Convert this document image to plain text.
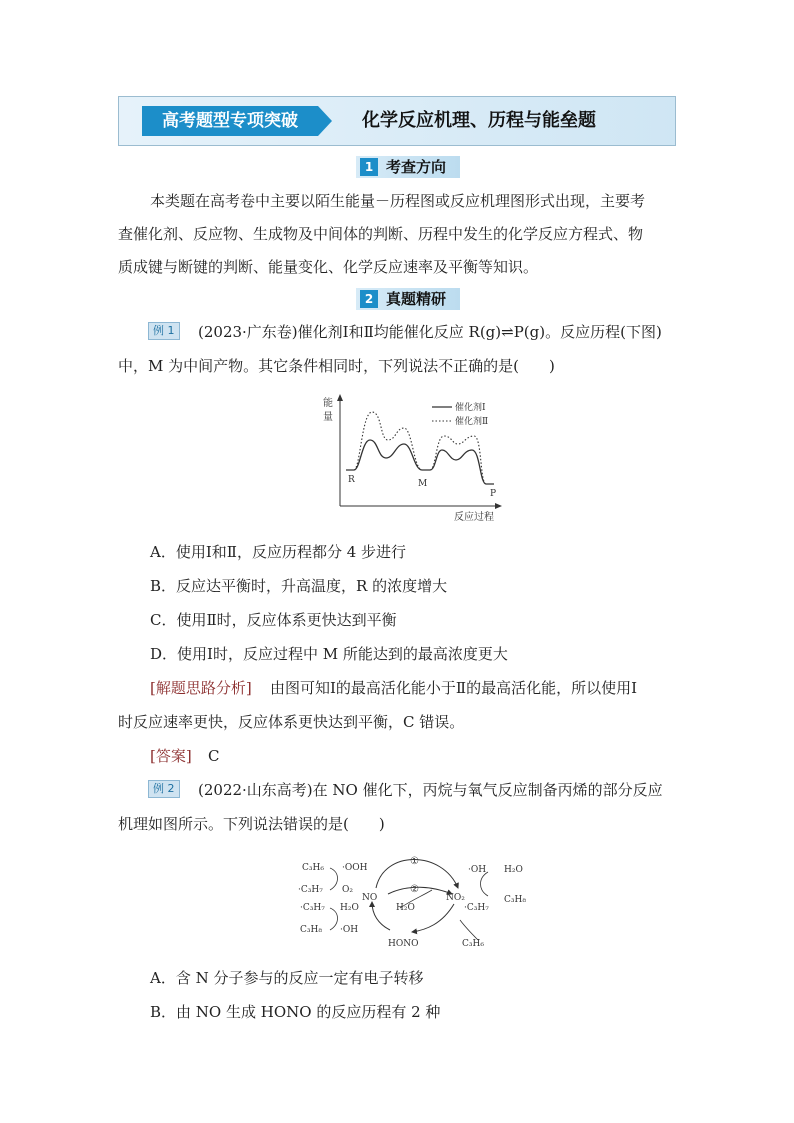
高考题型专项突破	化学反应机理、历程与能垒题
1 考查方向
本类题在高考卷中主要以陌生能量－历程图或反应机理图形式出现，主要考
查催化剂、反应物、生成物及中间体的判断、历程中发生的化学反应方程式、物
质成键与断键的判断、能量变化、化学反应速率及平衡等知识。
2 真题精研
例 1	(2023·广东卷)催化剂Ⅰ和Ⅱ均能催化反应 R(g)⇌P(g)。反应历程(下图)
中，M 为中间产物。其它条件相同时，下列说法不正确的是(　　)
能
量
反应过程
R	M
P
催化剂Ⅰ
催化剂Ⅱ
A．使用Ⅰ和Ⅱ，反应历程都分 4 步进行
B．反应达平衡时，升高温度，R 的浓度增大
C．使用Ⅱ时，反应体系更快达到平衡
D．使用Ⅰ时，反应过程中 M 所能达到的最高浓度更大
[解题思路分析] 由图可知Ⅰ的最高活化能小于Ⅱ的最高活化能，所以使用Ⅰ
时反应速率更快，反应体系更快达到平衡，C 错误。
[答案] C
例 2	(2022·山东高考)在 NO 催化下，丙烷与氧气反应制备丙烯的部分反应
机理如图所示。下列说法错误的是(　　)
C₃H₆ ·OOH
·C₃H₇ O₂
·C₃H₇ H₂O
C₃H₈ ·OH
NO
①
②
H₂O
NO₂
·OH H₂O
·C₃H₇
C₃H₈
HONO	C₃H₆
A．含 N 分子参与的反应一定有电子转移
B．由 NO 生成 HONO 的反应历程有 2 种
